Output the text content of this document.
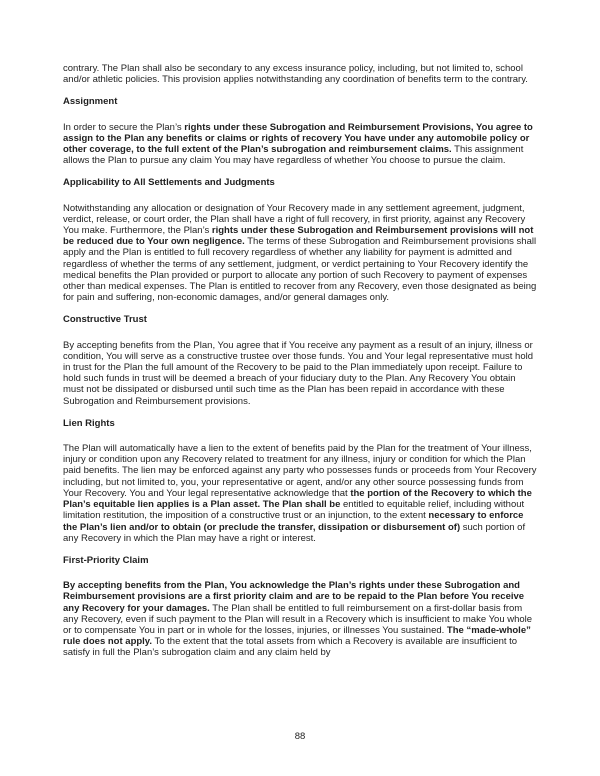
contrary. The Plan shall also be secondary to any excess insurance policy, including, but not limited to, school and/or athletic policies. This provision applies notwithstanding any coordination of benefits term to the contrary.

Assignment

In order to secure the Plan’s rights under these Subrogation and Reimbursement Provisions, You agree to assign to the Plan any benefits or claims or rights of recovery You have under any automobile policy or other coverage, to the full extent of the Plan’s subrogation and reimbursement claims. This assignment allows the Plan to pursue any claim You may have regardless of whether You choose to pursue the claim.

Applicability to All Settlements and Judgments

Notwithstanding any allocation or designation of Your Recovery made in any settlement agreement, judgment, verdict, release, or court order, the Plan shall have a right of full recovery, in first priority, against any Recovery You make. Furthermore, the Plan’s rights under these Subrogation and Reimbursement provisions will not be reduced due to Your own negligence. The terms of these Subrogation and Reimbursement provisions shall apply and the Plan is entitled to full recovery regardless of whether any liability for payment is admitted and regardless of whether the terms of any settlement, judgment, or verdict pertaining to Your Recovery identify the medical benefits the Plan provided or purport to allocate any portion of such Recovery to payment of expenses other than medical expenses. The Plan is entitled to recover from any Recovery, even those designated as being for pain and suffering, non-economic damages, and/or general damages only.

Constructive Trust

By accepting benefits from the Plan, You agree that if You receive any payment as a result of an injury, illness or condition, You will serve as a constructive trustee over those funds. You and Your legal representative must hold in trust for the Plan the full amount of the Recovery to be paid to the Plan immediately upon receipt. Failure to hold such funds in trust will be deemed a breach of your fiduciary duty to the Plan. Any Recovery You obtain must not be dissipated or disbursed until such time as the Plan has been repaid in accordance with these Subrogation and Reimbursement provisions.

Lien Rights

The Plan will automatically have a lien to the extent of benefits paid by the Plan for the treatment of Your illness, injury or condition upon any Recovery related to treatment for any illness, injury or condition for which the Plan paid benefits. The lien may be enforced against any party who possesses funds or proceeds from Your Recovery including, but not limited to, you, your representative or agent, and/or any other source possessing funds from Your Recovery. You and Your legal representative acknowledge that the portion of the Recovery to which the Plan’s equitable lien applies is a Plan asset. The Plan shall be entitled to equitable relief, including without limitation restitution, the imposition of a constructive trust or an injunction, to the extent necessary to enforce the Plan’s lien and/or to obtain (or preclude the transfer, dissipation or disbursement of) such portion of any Recovery in which the Plan may have a right or interest.

First-Priority Claim

By accepting benefits from the Plan, You acknowledge the Plan’s rights under these Subrogation and Reimbursement provisions are a first priority claim and are to be repaid to the Plan before You receive any Recovery for your damages. The Plan shall be entitled to full reimbursement on a first-dollar basis from any Recovery, even if such payment to the Plan will result in a Recovery which is insufficient to make You whole or to compensate You in part or in whole for the losses, injuries, or illnesses You sustained. The “made-whole” rule does not apply. To the extent that the total assets from which a Recovery is available are insufficient to satisfy in full the Plan’s subrogation claim and any claim held by

88
